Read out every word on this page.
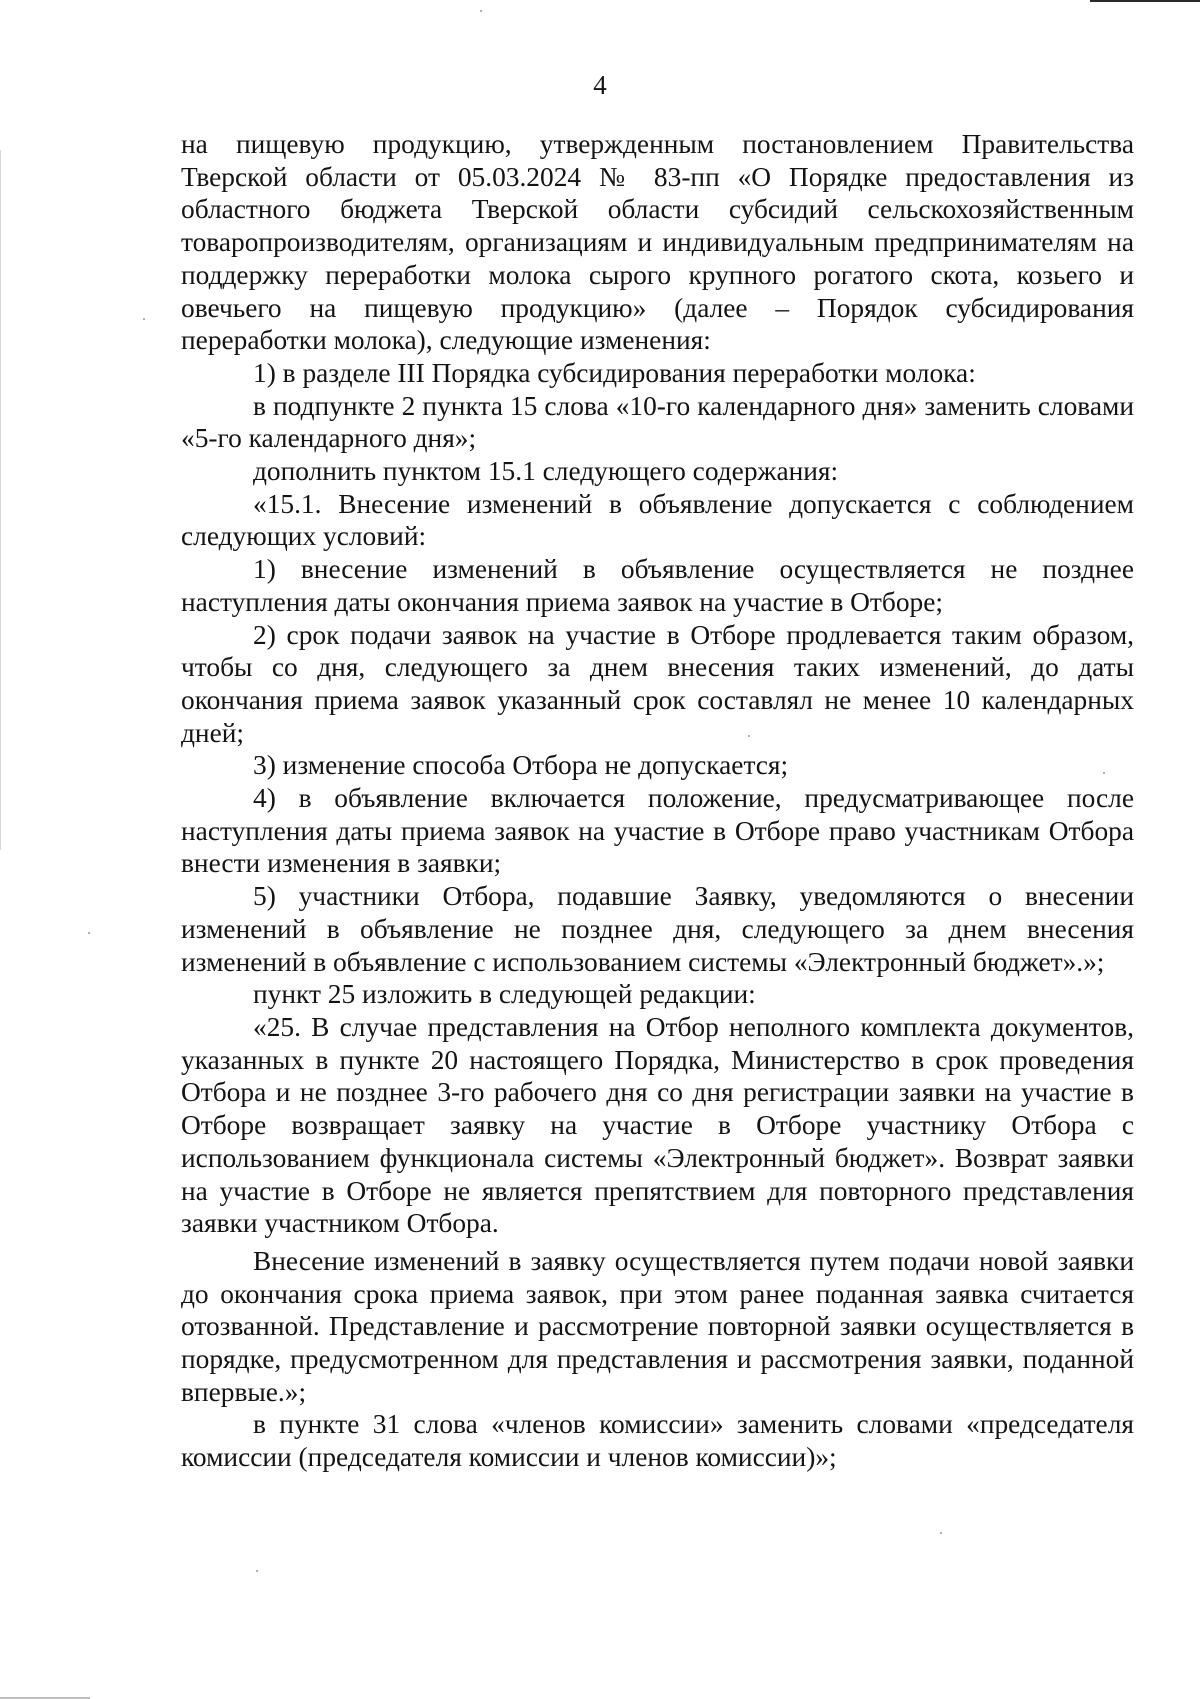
4

на пищевую продукцию, утвержденным постановлением Правительства Тверской области от 05.03.2024 № 83-пп «О Порядке предоставления из областного бюджета Тверской области субсидий сельскохозяйственным товаропроизводителям, организациям и индивидуальным предпринимателям на поддержку переработки молока сырого крупного рогатого скота, козьего и овечьего на пищевую продукцию» (далее – Порядок субсидирования переработки молока), следующие изменения:

1) в разделе III Порядка субсидирования переработки молока:

в подпункте 2 пункта 15 слова «10-го календарного дня» заменить словами «5-го календарного дня»;

дополнить пунктом 15.1 следующего содержания:

«15.1. Внесение изменений в объявление допускается с соблюдением следующих условий:

1) внесение изменений в объявление осуществляется не позднее наступления даты окончания приема заявок на участие в Отборе;

2) срок подачи заявок на участие в Отборе продлевается таким образом, чтобы со дня, следующего за днем внесения таких изменений, до даты окончания приема заявок указанный срок составлял не менее 10 календарных дней;

3) изменение способа Отбора не допускается;

4) в объявление включается положение, предусматривающее после наступления даты приема заявок на участие в Отборе право участникам Отбора внести изменения в заявки;

5) участники Отбора, подавшие Заявку, уведомляются о внесении изменений в объявление не позднее дня, следующего за днем внесения изменений в объявление с использованием системы «Электронный бюджет».»;

пункт 25 изложить в следующей редакции:

«25. В случае представления на Отбор неполного комплекта документов, указанных в пункте 20 настоящего Порядка, Министерство в срок проведения Отбора и не позднее 3-го рабочего дня со дня регистрации заявки на участие в Отборе возвращает заявку на участие в Отборе участнику Отбора с использованием функционала системы «Электронный бюджет». Возврат заявки на участие в Отборе не является препятствием для повторного представления заявки участником Отбора.

Внесение изменений в заявку осуществляется путем подачи новой заявки до окончания срока приема заявок, при этом ранее поданная заявка считается отозванной. Представление и рассмотрение повторной заявки осуществляется в порядке, предусмотренном для представления и рассмотрения заявки, поданной впервые.»;

в пункте 31 слова «членов комиссии» заменить словами «председателя комиссии (председателя комиссии и членов комиссии)»;
